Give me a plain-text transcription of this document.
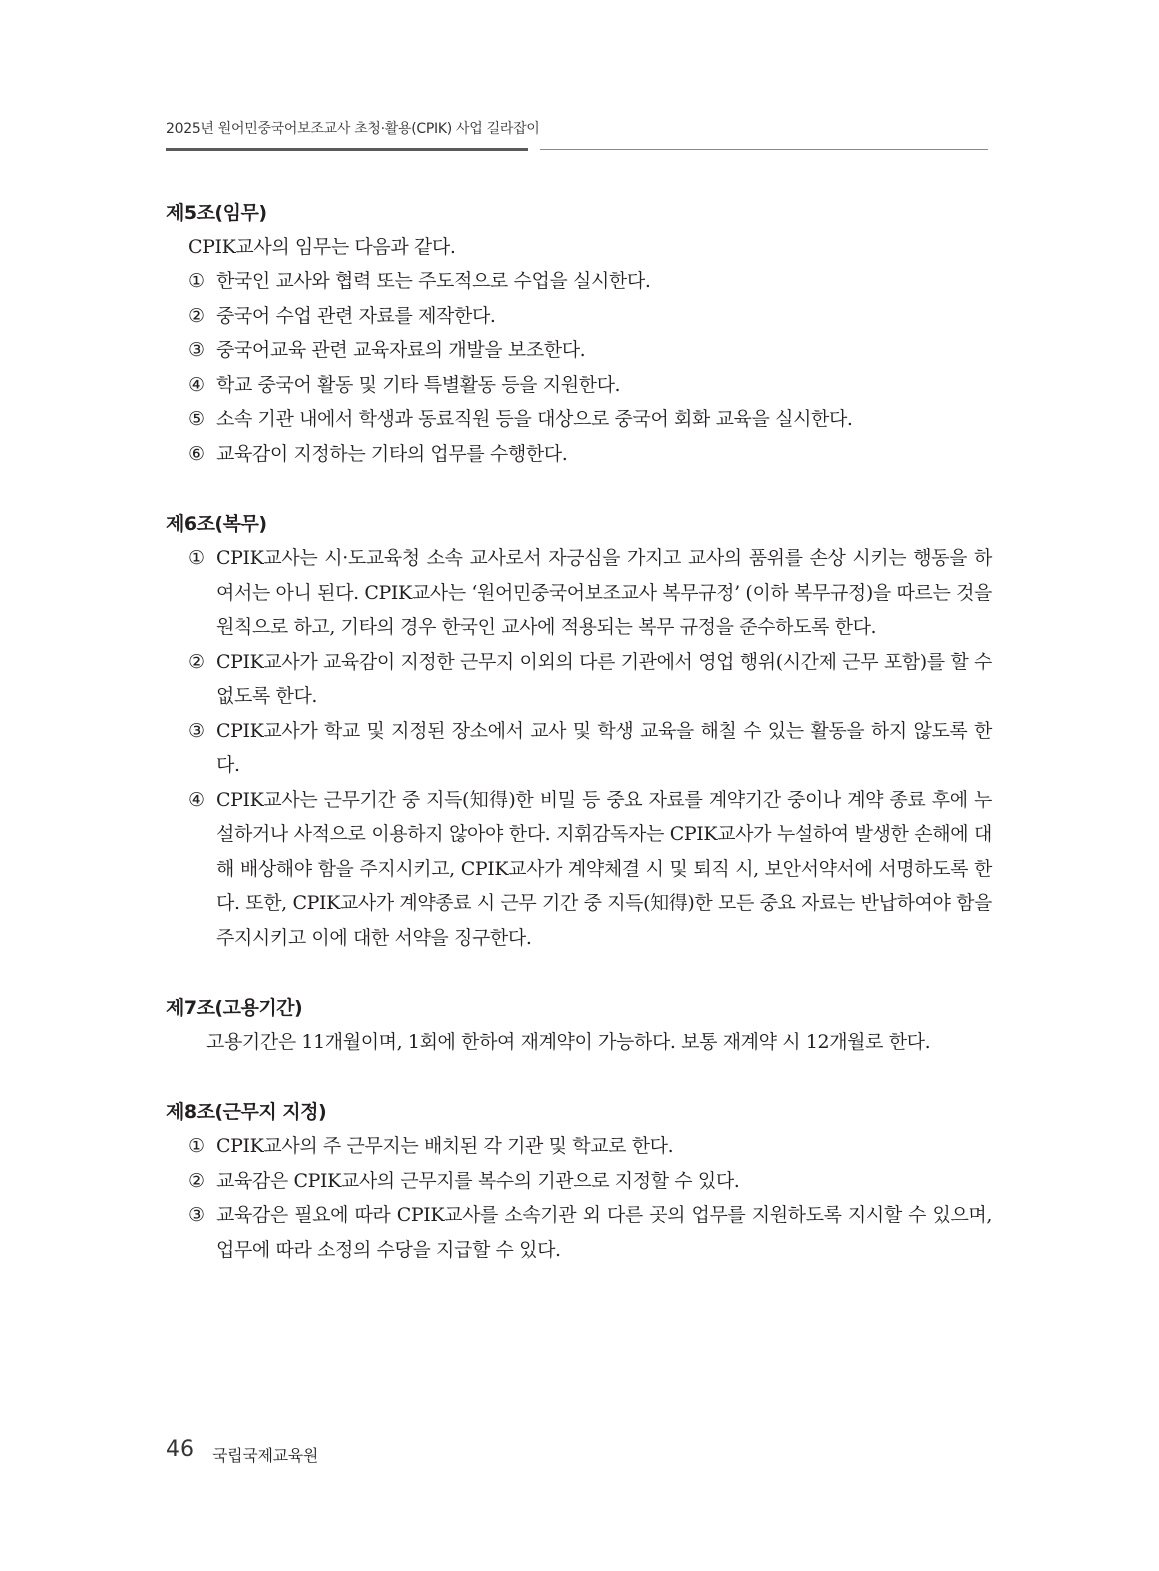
2025년 원어민중국어보조교사 초청·활용(CPIK) 사업 길라잡이
제5조(임무)
CPIK교사의 임무는 다음과 같다.
① 한국인 교사와 협력 또는 주도적으로 수업을 실시한다.
② 중국어 수업 관련 자료를 제작한다.
③ 중국어교육 관련 교육자료의 개발을 보조한다.
④ 학교 중국어 활동 및 기타 특별활동 등을 지원한다.
⑤ 소속 기관 내에서 학생과 동료직원 등을 대상으로 중국어 회화 교육을 실시한다.
⑥ 교육감이 지정하는 기타의 업무를 수행한다.
제6조(복무)
① CPIK교사는 시·도교육청 소속 교사로서 자긍심을 가지고 교사의 품위를 손상 시키는 행동을 하여서는 아니 된다. CPIK교사는 ‘원어민중국어보조교사 복무규정’ (이하 복무규정)을 따르는 것을 원칙으로 하고, 기타의 경우 한국인 교사에 적용되는 복무 규정을 준수하도록 한다.
② CPIK교사가 교육감이 지정한 근무지 이외의 다른 기관에서 영업 행위(시간제 근무 포함)를 할 수 없도록 한다.
③ CPIK교사가 학교 및 지정된 장소에서 교사 및 학생 교육을 해칠 수 있는 활동을 하지 않도록 한다.
④ CPIK교사는 근무기간 중 지득(知得)한 비밀 등 중요 자료를 계약기간 중이나 계약 종료 후에 누설하거나 사적으로 이용하지 않아야 한다. 지휘감독자는 CPIK교사가 누설하여 발생한 손해에 대해 배상해야 함을 주지시키고, CPIK교사가 계약체결 시 및 퇴직 시, 보안서약서에 서명하도록 한다. 또한, CPIK교사가 계약종료 시 근무 기간 중 지득(知得)한 모든 중요 자료는 반납하여야 함을 주지시키고 이에 대한 서약을 징구한다.
제7조(고용기간)
고용기간은 11개월이며, 1회에 한하여 재계약이 가능하다. 보통 재계약 시 12개월로 한다.
제8조(근무지 지정)
① CPIK교사의 주 근무지는 배치된 각 기관 및 학교로 한다.
② 교육감은 CPIK교사의 근무지를 복수의 기관으로 지정할 수 있다.
③ 교육감은 필요에 따라 CPIK교사를 소속기관 외 다른 곳의 업무를 지원하도록 지시할 수 있으며, 업무에 따라 소정의 수당을 지급할 수 있다.
46 국립국제교육원
